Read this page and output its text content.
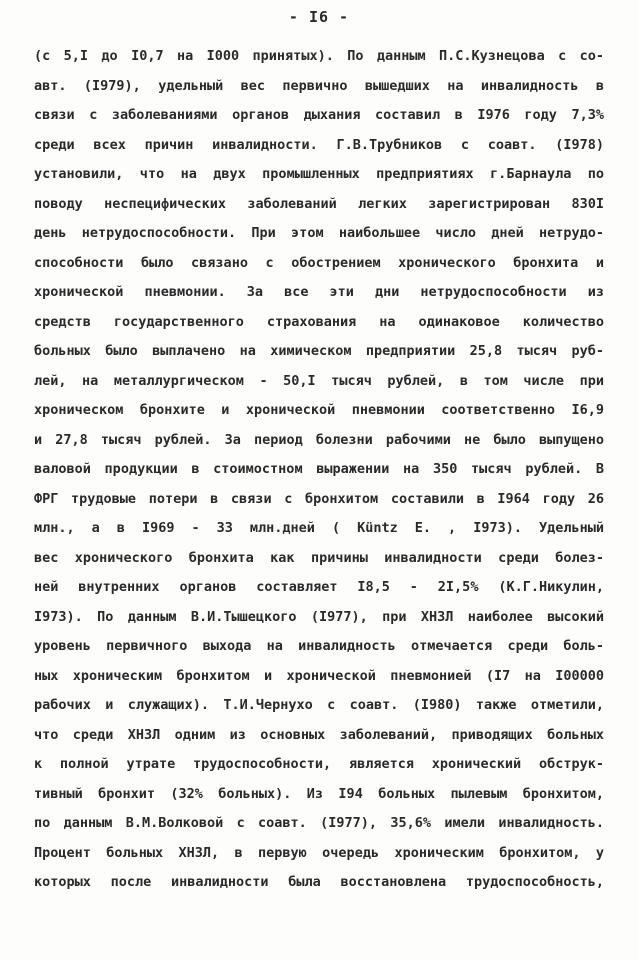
- I6 -
(с 5,I до I0,7 на I000 принятых). По данным П.С.Кузнецова с со-
авт. (I979), удельный вес первично вышедших на инвалидность в
связи с заболеваниями органов дыхания составил в I976 году 7,3%
среди всех причин инвалидности. Г.В.Трубников с соавт. (I978)
установили, что на двух промышленных предприятиях г.Барнаула по
поводу неспецифических заболеваний легких зарегистрирован 830I
день нетрудоспособности. При этом наибольшее число дней нетрудо-
способности было связано с обострением хронического бронхита и
хронической пневмонии. За все эти дни нетрудоспособности из
средств государственного страхования на одинаковое количество
больных было выплачено на химическом предприятии 25,8 тысяч руб-
лей, на металлургическом - 50,I тысяч рублей, в том числе при
хроническом бронхите и хронической пневмонии соответственно I6,9
и 27,8 тысяч рублей. За период болезни рабочими не было выпущено
валовой продукции в стоимостном выражении на 350 тысяч рублей. В
ФРГ трудовые потери в связи с бронхитом составили в I964 году 26
млн., а в I969 - 33 млн.дней ( Küntz E. , I973). Удельный
вес хронического бронхита как причины инвалидности среди болез-
ней внутренних органов составляет I8,5 - 2I,5% (К.Г.Никулин,
I973). По данным В.И.Тышецкого (I977), при ХНЗЛ наиболее высокий
уровень первичного выхода на инвалидность отмечается среди боль-
ных хроническим бронхитом и хронической пневмонией (I7 на I00000
рабочих и служащих). Т.И.Чернухо с соавт. (I980) также отметили,
что среди ХНЗЛ одним из основных заболеваний, приводящих больных
к полной утрате трудоспособности, является хронический обструк-
тивный бронхит (32% больных). Из I94 больных пылевым бронхитом,
по данным В.М.Волковой с соавт. (I977), 35,6% имели инвалидность.
Процент больных ХНЗЛ, в первую очередь хроническим бронхитом, у
которых после инвалидности была восстановлена трудоспособность,
